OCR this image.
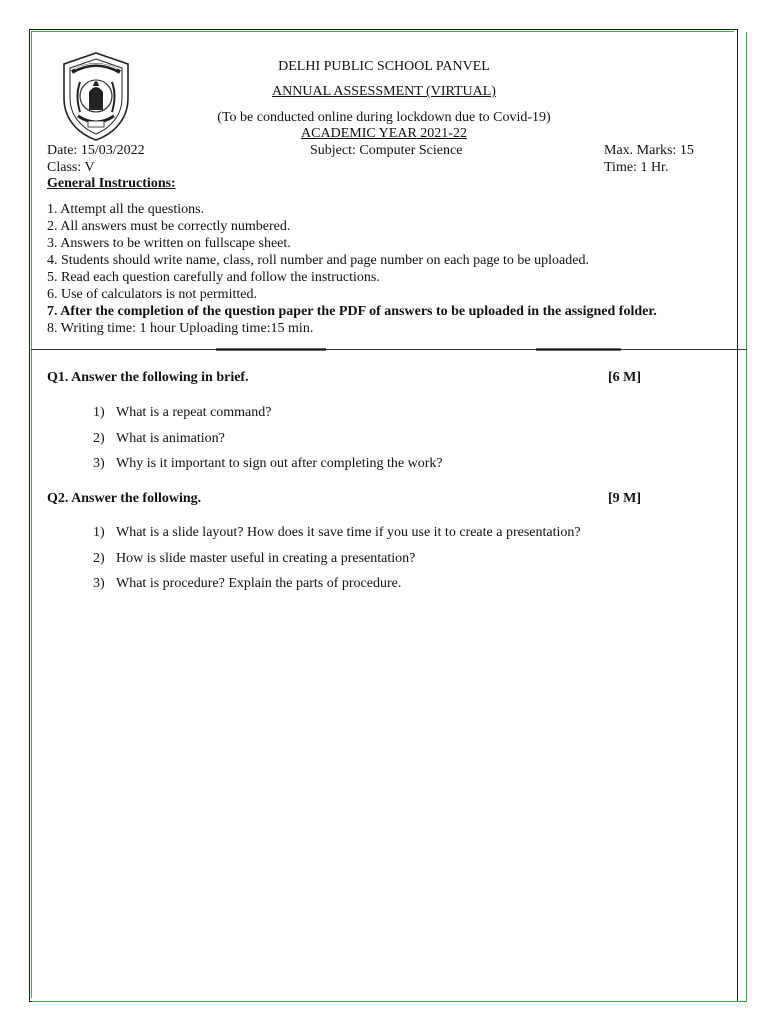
DELHI PUBLIC SCHOOL PANVEL
ANNUAL ASSESSMENT (VIRTUAL)
(To be conducted online during lockdown due to Covid-19)
ACADEMIC YEAR 2021-22
Date: 15/03/2022	Subject: Computer Science	Max. Marks: 15
Class: V	Time: 1 Hr.
General Instructions:
1. Attempt all the questions.
2. All answers must be correctly numbered.
3. Answers to be written on fullscape sheet.
4. Students should write name, class, roll number and page number on each page to be uploaded.
5. Read each question carefully and follow the instructions.
6. Use of calculators is not permitted.
7. After the completion of the question paper the PDF of answers to be uploaded in the assigned folder.
8. Writing time: 1 hour Uploading time:15 min.
Q1. Answer the following in brief.	[6 M]
1) What is a repeat command?
2) What is animation?
3) Why is it important to sign out after completing the work?
Q2. Answer the following.	[9 M]
1) What is a slide layout? How does it save time if you use it to create a presentation?
2) How is slide master useful in creating a presentation?
3) What is procedure? Explain the parts of procedure.
